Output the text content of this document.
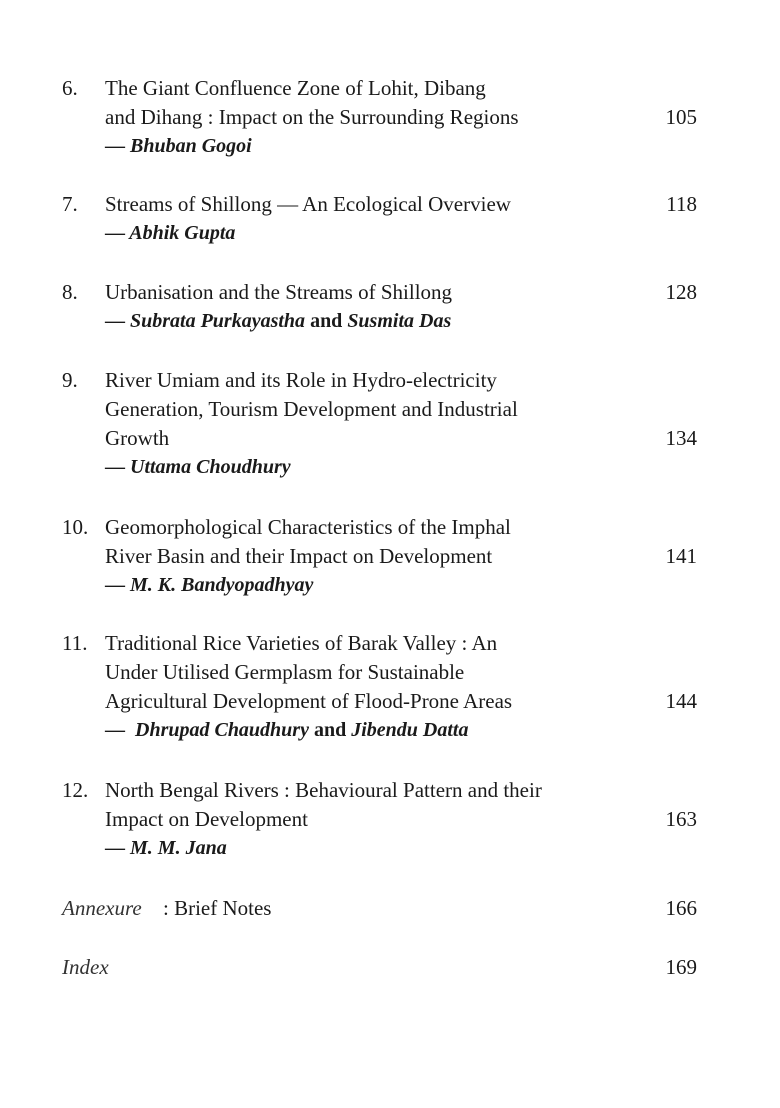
6. The Giant Confluence Zone of Lohit, Dibang
and Dihang : Impact on the Surrounding Regions
— Bhuban Gogoi
105
7. Streams of Shillong — An Ecological Overview
— Abhik Gupta
118
8. Urbanisation and the Streams of Shillong
— Subrata Purkayastha and Susmita Das
128
9. River Umiam and its Role in Hydro-electricity
Generation, Tourism Development and Industrial
Growth
— Uttama Choudhury
134
10. Geomorphological Characteristics of the Imphal
River Basin and their Impact on Development
— M. K. Bandyopadhyay
141
11. Traditional Rice Varieties of Barak Valley : An
Under Utilised Germplasm for Sustainable
Agricultural Development of Flood-Prone Areas
— Dhrupad Chaudhury and Jibendu Datta
144
12. North Bengal Rivers : Behavioural Pattern and their
Impact on Development
— M. M. Jana
163
Annexure : Brief Notes	166
Index	169
